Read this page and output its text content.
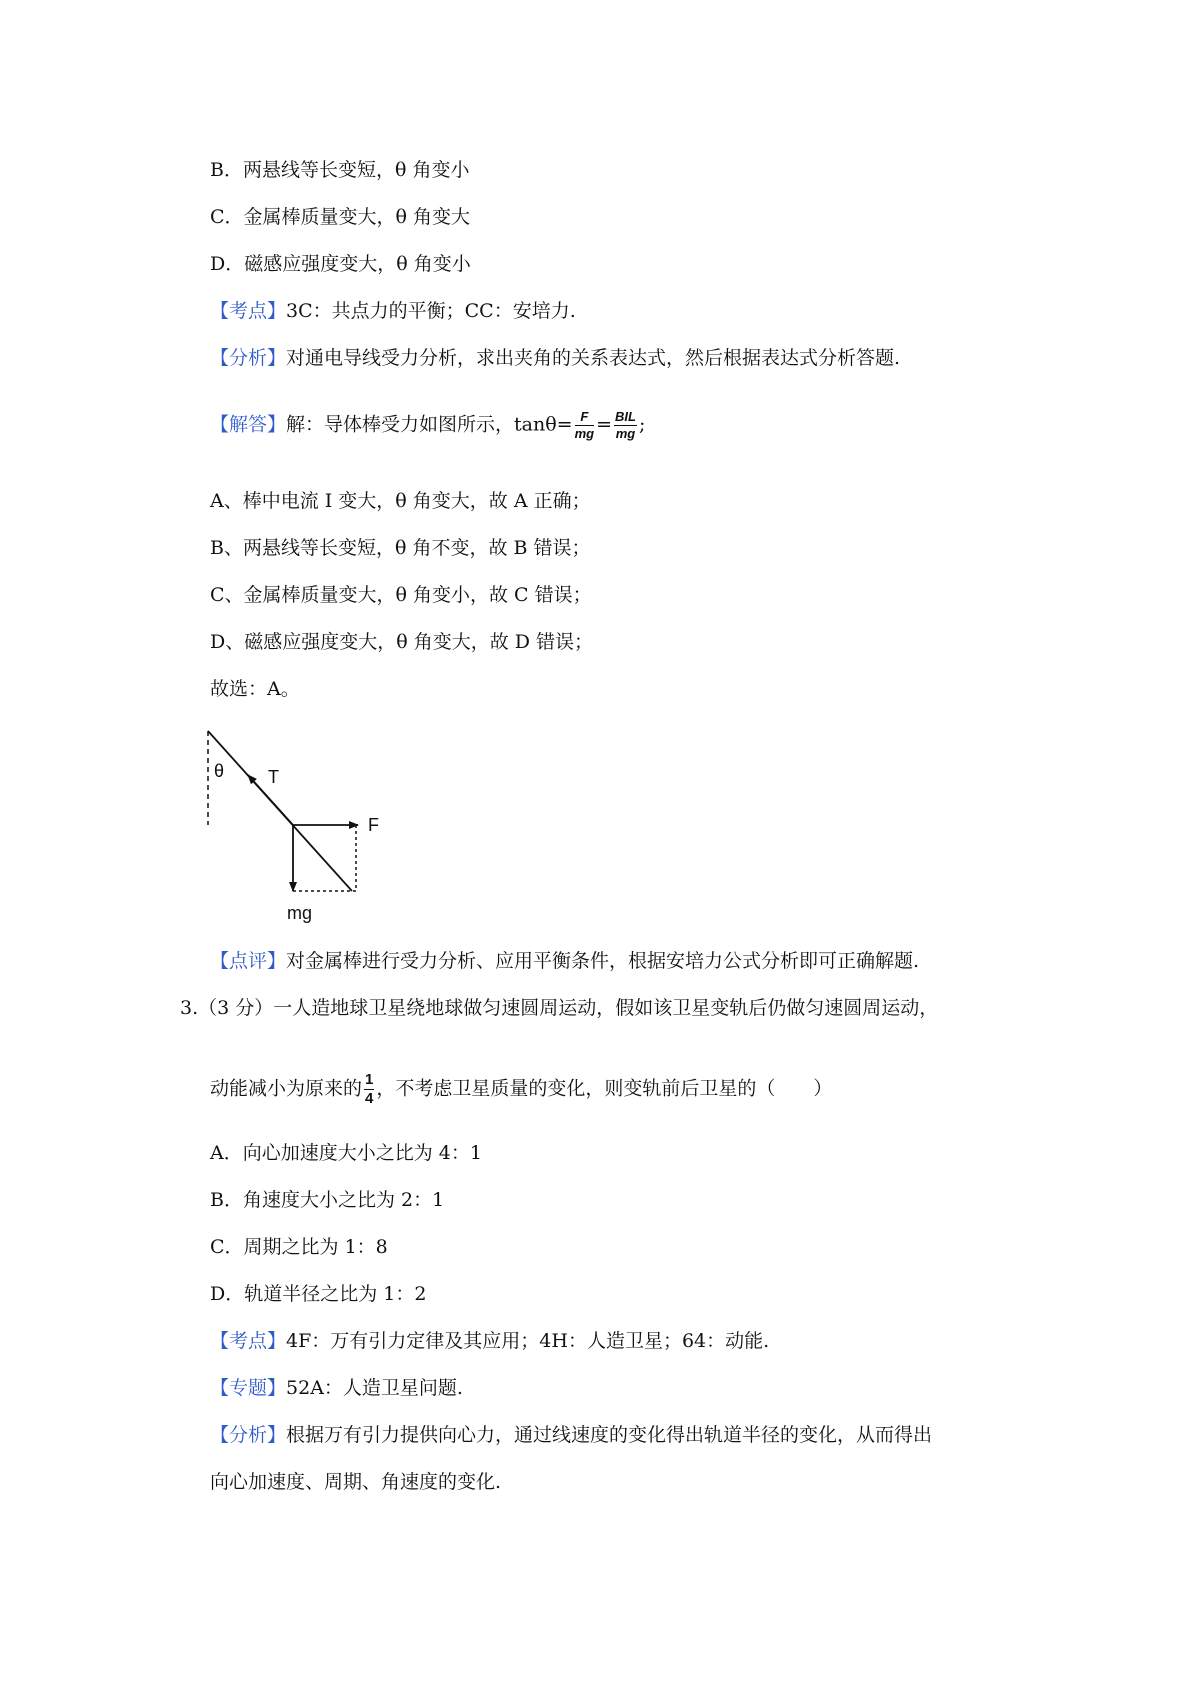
B．两悬线等长变短，θ 角变小
C．金属棒质量变大，θ 角变大
D．磁感应强度变大，θ 角变小
【考点】3C：共点力的平衡；CC：安培力.
【分析】对通电导线受力分析，求出夹角的关系表达式，然后根据表达式分析答题.
【解答】解：导体棒受力如图所示，$\tan\theta= \frac{F}{mg} = \frac{\text{BIL}}{mg}$ ;
A、棒中电流 I 变大，θ 角变大，故 A 正确；
B、两悬线等长变短，θ 角不变，故 B 错误；
C、金属棒质量变大，θ 角变小，故 C 错误；
D、磁感应强度变大，θ 角变大，故 D 错误；
故选：A。
θ T
F
mg
【点评】对金属棒进行受力分析、应用平衡条件，根据安培力公式分析即可正确解题.
3.（3 分）一人造地球卫星绕地球做匀速圆周运动，假如该卫星变轨后仍做匀速圆周运动，
动能减小为原来的 $\frac{1}{4}$ ，不考虑卫星质量的变化，则变轨前后卫星的（　　）
A．向心加速度大小之比为 4：1
B．角速度大小之比为 2：1
C．周期之比为 1：8
D．轨道半径之比为 1：2
【考点】4F：万有引力定律及其应用；4H：人造卫星；64：动能.
【专题】52A：人造卫星问题.
【分析】根据万有引力提供向心力，通过线速度的变化得出轨道半径的变化，从而得出
向心加速度、周期、角速度的变化.
